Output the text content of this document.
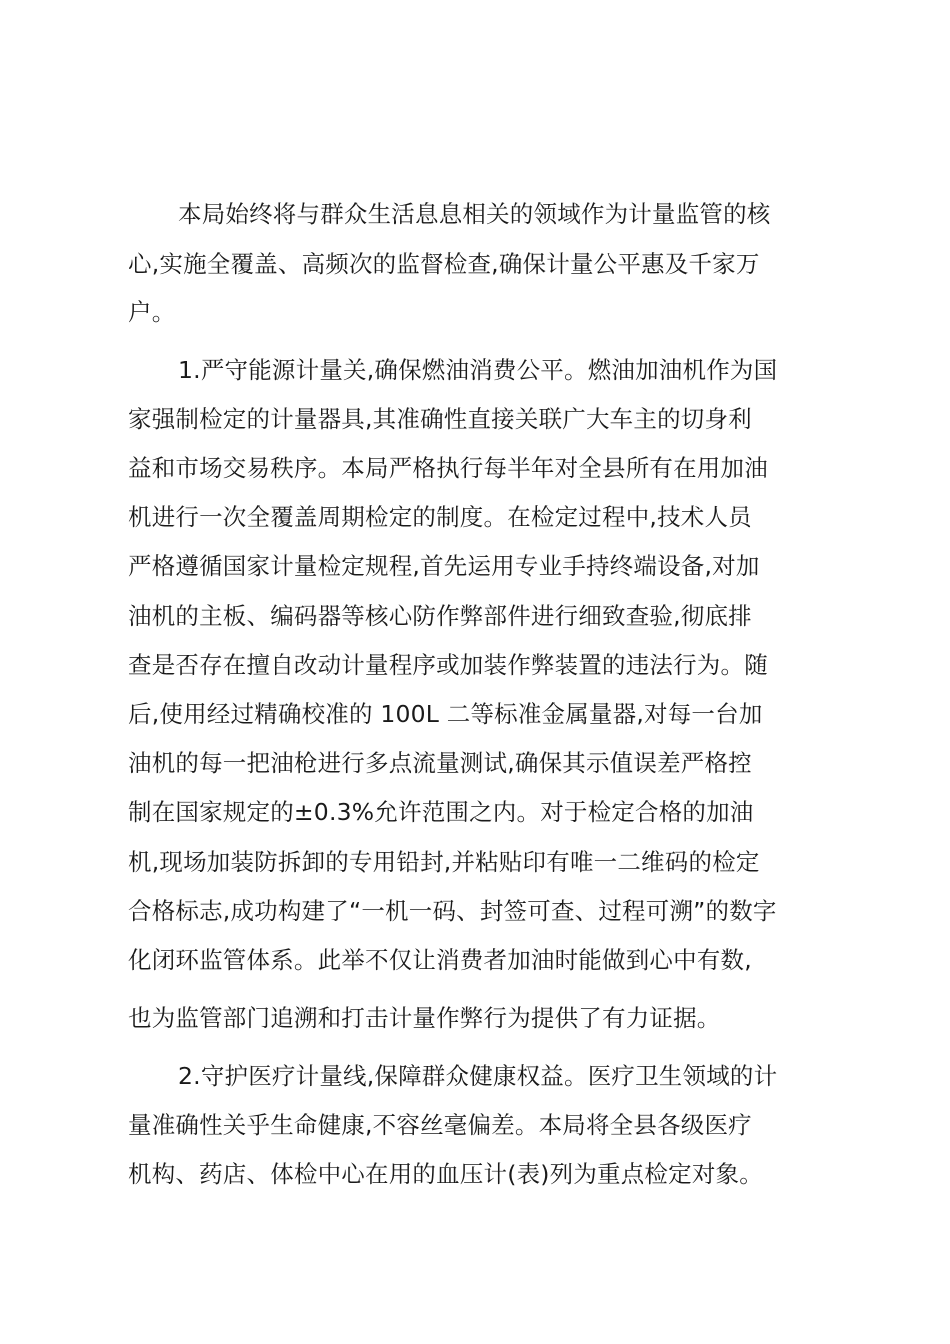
本局始终将与群众生活息息相关的领域作为计量监管的核
心,实施全覆盖、高频次的监督检查,确保计量公平惠及千家万
户。
1.严守能源计量关,确保燃油消费公平。燃油加油机作为国
家强制检定的计量器具,其准确性直接关联广大车主的切身利
益和市场交易秩序。本局严格执行每半年对全县所有在用加油
机进行一次全覆盖周期检定的制度。在检定过程中,技术人员
严格遵循国家计量检定规程,首先运用专业手持终端设备,对加
油机的主板、编码器等核心防作弊部件进行细致查验,彻底排
查是否存在擅自改动计量程序或加装作弊装置的违法行为。随
后,使用经过精确校准的 100L 二等标准金属量器,对每一台加
油机的每一把油枪进行多点流量测试,确保其示值误差严格控
制在国家规定的±0.3%允许范围之内。对于检定合格的加油
机,现场加装防拆卸的专用铅封,并粘贴印有唯一二维码的检定
合格标志,成功构建了“一机一码、封签可查、过程可溯”的数字
化闭环监管体系。此举不仅让消费者加油时能做到心中有数,
也为监管部门追溯和打击计量作弊行为提供了有力证据。
2.守护医疗计量线,保障群众健康权益。医疗卫生领域的计
量准确性关乎生命健康,不容丝毫偏差。本局将全县各级医疗
机构、药店、体检中心在用的血压计(表)列为重点检定对象。
